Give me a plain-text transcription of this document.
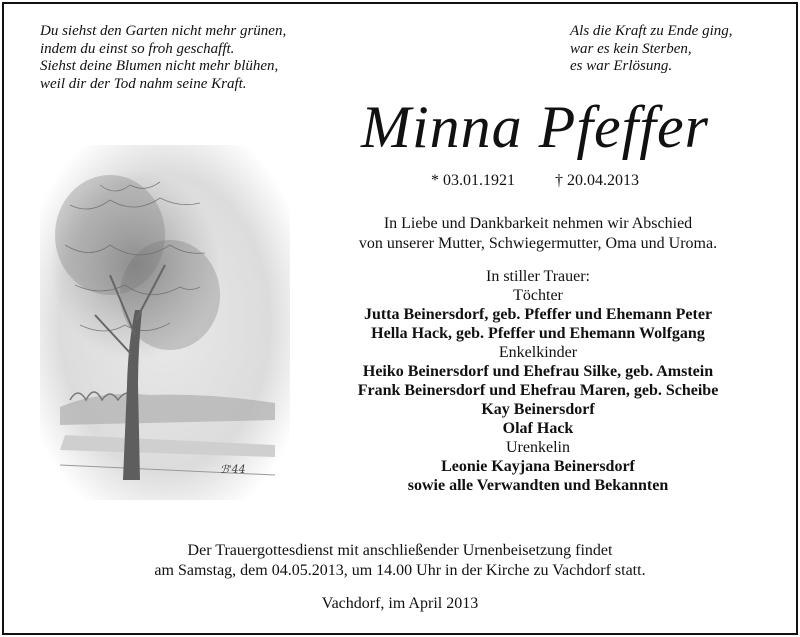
Du siehst den Garten nicht mehr grünen,
indem du einst so froh geschafft.
Siehst deine Blumen nicht mehr blühen,
weil dir der Tod nahm seine Kraft.
Als die Kraft zu Ende ging,
war es kein Sterben,
es war Erlösung.
Minna Pfeffer
* 03.01.1921	† 20.04.2013
In Liebe und Dankbarkeit nehmen wir Abschied
von unserer Mutter, Schwiegermutter, Oma und Uroma.
In stiller Trauer:
Töchter
Jutta Beinersdorf, geb. Pfeffer und Ehemann Peter
Hella Hack, geb. Pfeffer und Ehemann Wolfgang
Enkelkinder
Heiko Beinersdorf und Ehefrau Silke, geb. Amstein
Frank Beinersdorf und Ehefrau Maren, geb. Scheibe
Kay Beinersdorf
Olaf Hack
Urenkelin
Leonie Kayjana Beinersdorf
sowie alle Verwandten und Bekannten
ℬ'44
Der Trauergottesdienst mit anschließender Urnenbeisetzung findet
am Samstag, dem 04.05.2013, um 14.00 Uhr in der Kirche zu Vachdorf statt.
Vachdorf, im April 2013
